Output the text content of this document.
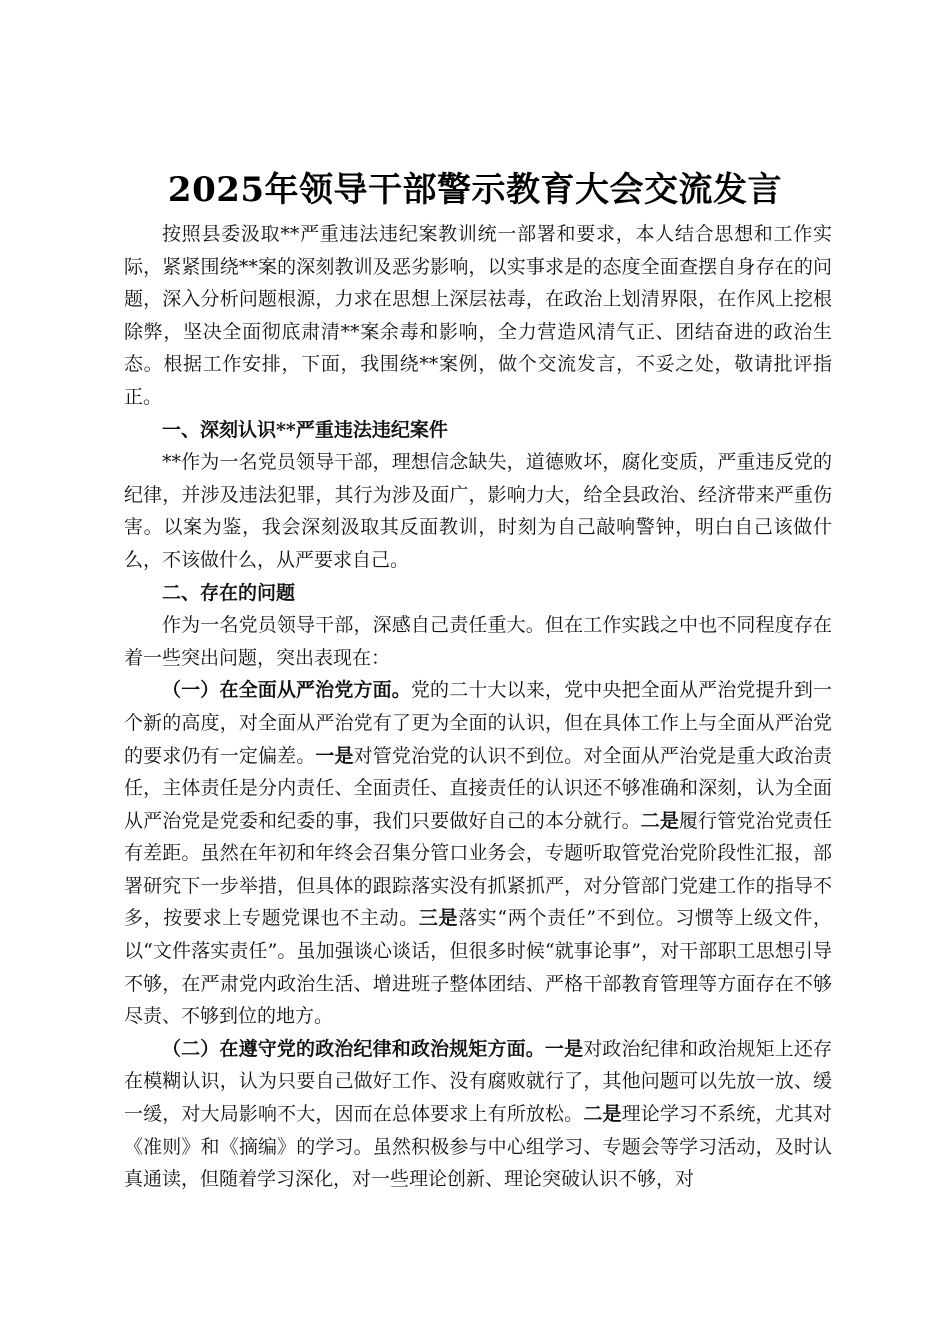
2025年领导干部警示教育大会交流发言

按照县委汲取**严重违法违纪案教训统一部署和要求，本人结合思想和工作实际，紧紧围绕**案的深刻教训及恶劣影响，以实事求是的态度全面查摆自身存在的问题，深入分析问题根源，力求在思想上深层祛毒，在政治上划清界限，在作风上挖根除弊，坚决全面彻底肃清**案余毒和影响，全力营造风清气正、团结奋进的政治生态。根据工作安排，下面，我围绕**案例，做个交流发言，不妥之处，敬请批评指正。

一、深刻认识**严重违法违纪案件

**作为一名党员领导干部，理想信念缺失，道德败坏，腐化变质，严重违反党的纪律，并涉及违法犯罪，其行为涉及面广，影响力大，给全县政治、经济带来严重伤害。以案为鉴，我会深刻汲取其反面教训，时刻为自己敲响警钟，明白自己该做什么，不该做什么，从严要求自己。

二、存在的问题

作为一名党员领导干部，深感自己责任重大。但在工作实践之中也不同程度存在着一些突出问题，突出表现在：

（一）在全面从严治党方面。党的二十大以来，党中央把全面从严治党提升到一个新的高度，对全面从严治党有了更为全面的认识，但在具体工作上与全面从严治党的要求仍有一定偏差。一是对管党治党的认识不到位。对全面从严治党是重大政治责任，主体责任是分内责任、全面责任、直接责任的认识还不够准确和深刻，认为全面从严治党是党委和纪委的事，我们只要做好自己的本分就行。二是履行管党治党责任有差距。虽然在年初和年终会召集分管口业务会，专题听取管党治党阶段性汇报，部署研究下一步举措，但具体的跟踪落实没有抓紧抓严，对分管部门党建工作的指导不多，按要求上专题党课也不主动。三是落实“两个责任”不到位。习惯等上级文件，以“文件落实责任”。虽加强谈心谈话，但很多时候“就事论事”，对干部职工思想引导不够，在严肃党内政治生活、增进班子整体团结、严格干部教育管理等方面存在不够尽责、不够到位的地方。

（二）在遵守党的政治纪律和政治规矩方面。一是对政治纪律和政治规矩上还存在模糊认识，认为只要自己做好工作、没有腐败就行了，其他问题可以先放一放、缓一缓，对大局影响不大，因而在总体要求上有所放松。二是理论学习不系统，尤其对《准则》和《摘编》的学习。虽然积极参与中心组学习、专题会等学习活动，及时认真通读，但随着学习深化，对一些理论创新、理论突破认识不够，对
